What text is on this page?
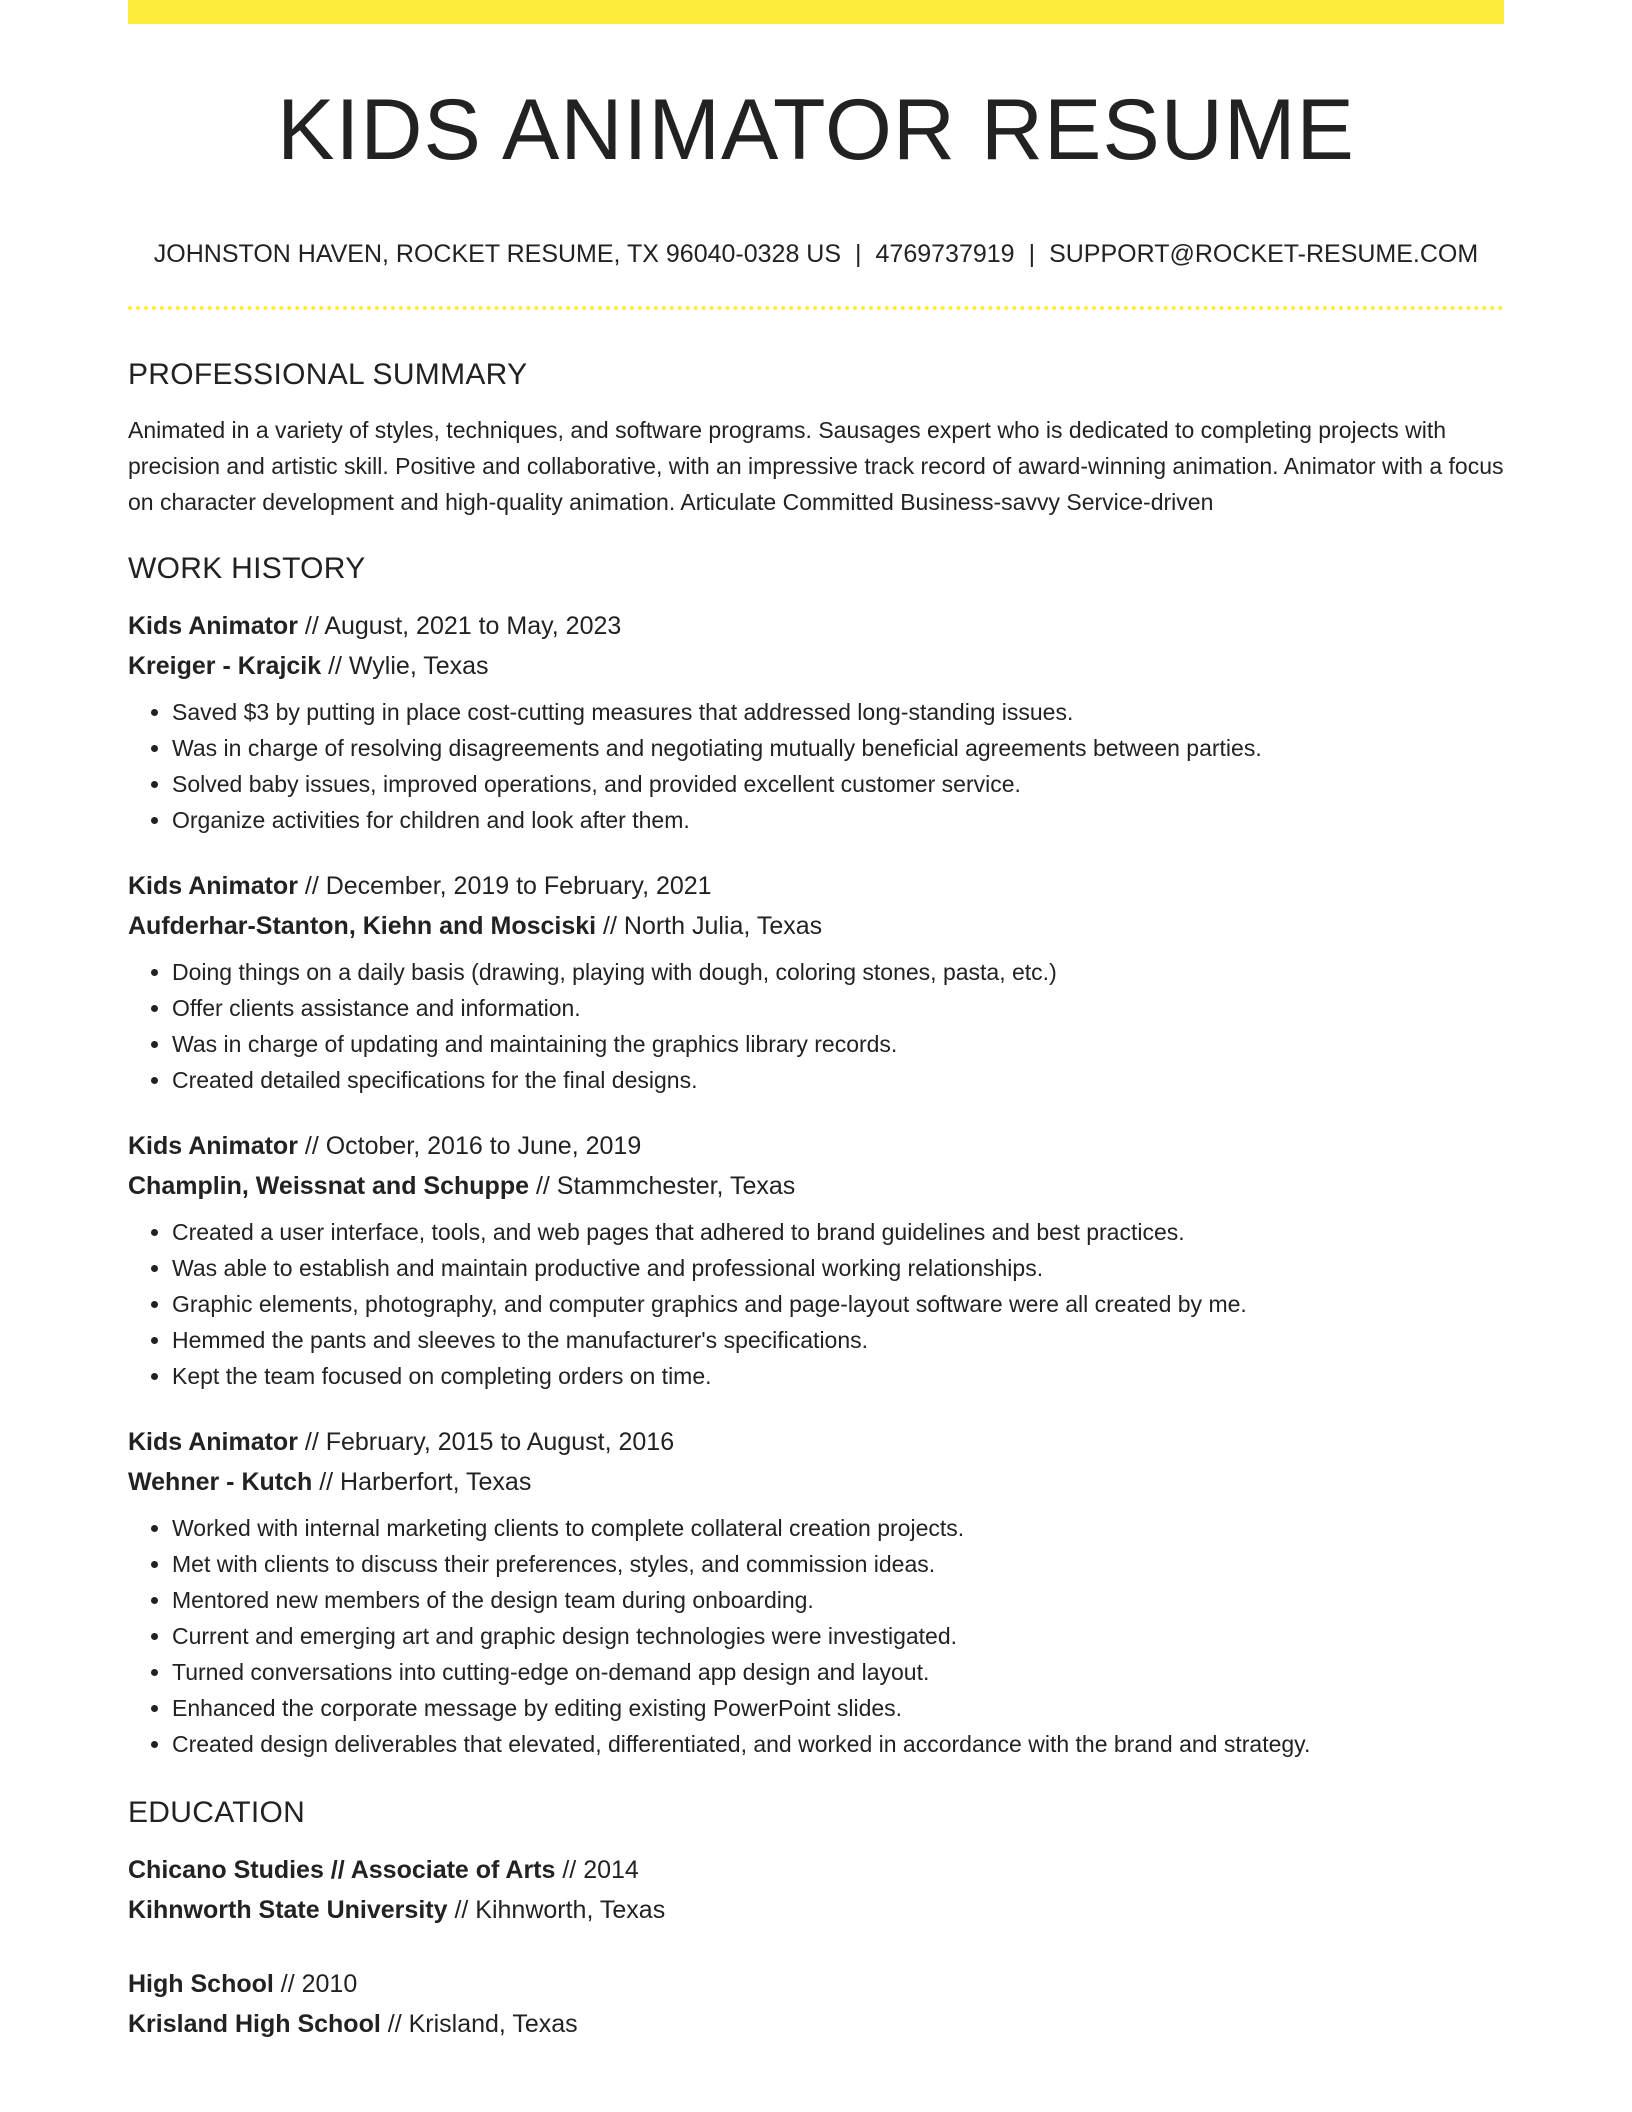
KIDS ANIMATOR RESUME
JOHNSTON HAVEN, ROCKET RESUME, TX 96040-0328 US | 4769737919 | SUPPORT@ROCKET-RESUME.COM
PROFESSIONAL SUMMARY

Animated in a variety of styles, techniques, and software programs. Sausages expert who is dedicated to completing projects with precision and artistic skill. Positive and collaborative, with an impressive track record of award-winning animation. Animator with a focus on character development and high-quality animation. Articulate Committed Business-savvy Service-driven

WORK HISTORY
Kids Animator // August, 2021 to May, 2023
Kreiger - Krajcik // Wylie, Texas
• Saved $3 by putting in place cost-cutting measures that addressed long-standing issues.
• Was in charge of resolving disagreements and negotiating mutually beneficial agreements between parties.
• Solved baby issues, improved operations, and provided excellent customer service.
• Organize activities for children and look after them.
Kids Animator // December, 2019 to February, 2021
Aufderhar-Stanton, Kiehn and Mosciski // North Julia, Texas
• Doing things on a daily basis (drawing, playing with dough, coloring stones, pasta, etc.)
• Offer clients assistance and information.
• Was in charge of updating and maintaining the graphics library records.
• Created detailed specifications for the final designs.
Kids Animator // October, 2016 to June, 2019
Champlin, Weissnat and Schuppe // Stammchester, Texas
• Created a user interface, tools, and web pages that adhered to brand guidelines and best practices.
• Was able to establish and maintain productive and professional working relationships.
• Graphic elements, photography, and computer graphics and page-layout software were all created by me.
• Hemmed the pants and sleeves to the manufacturer's specifications.
• Kept the team focused on completing orders on time.
Kids Animator // February, 2015 to August, 2016
Wehner - Kutch // Harberfort, Texas
• Worked with internal marketing clients to complete collateral creation projects.
• Met with clients to discuss their preferences, styles, and commission ideas.
• Mentored new members of the design team during onboarding.
• Current and emerging art and graphic design technologies were investigated.
• Turned conversations into cutting-edge on-demand app design and layout.
• Enhanced the corporate message by editing existing PowerPoint slides.
• Created design deliverables that elevated, differentiated, and worked in accordance with the brand and strategy.
EDUCATION
Chicano Studies // Associate of Arts // 2014
Kihnworth State University // Kihnworth, Texas
High School // 2010
Krisland High School // Krisland, Texas
